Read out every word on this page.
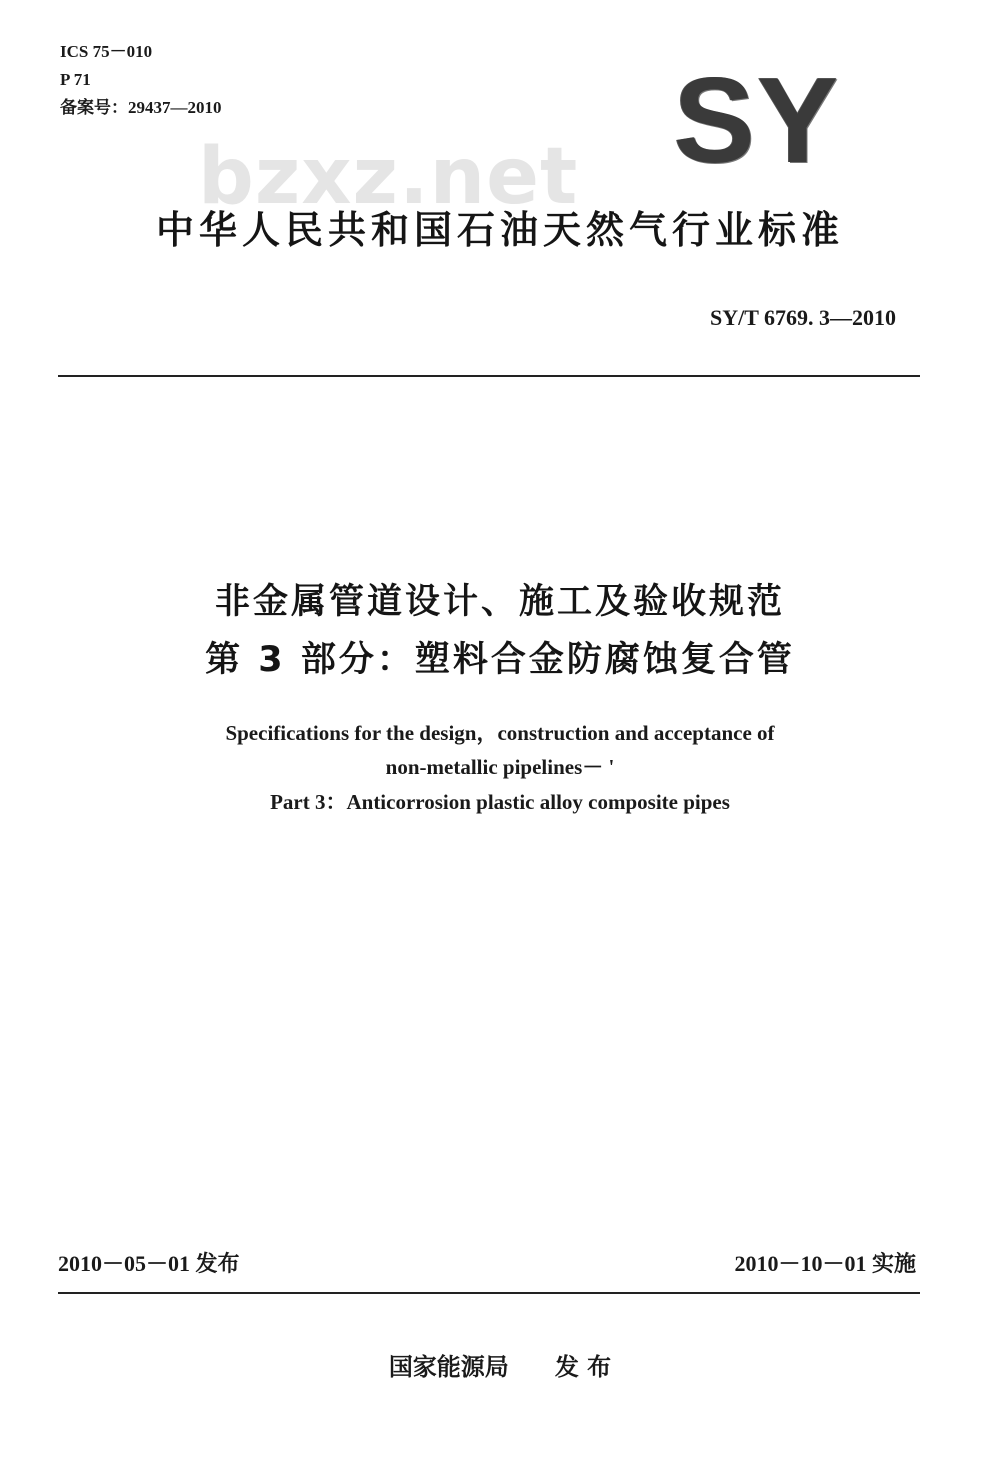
ICS 75－010
P 71
备案号：29437—2010	SY
bzxz.net
中华人民共和国石油天然气行业标准
SY/T 6769. 3—2010
非金属管道设计、施工及验收规范
第 3 部分：塑料合金防腐蚀复合管
Specifications for the design，construction and acceptance of
non-metallic pipelines－ '
Part 3：Anticorrosion plastic alloy composite pipes
2010－05－01 发布	2010－10－01 实施
国家能源局 发 布
